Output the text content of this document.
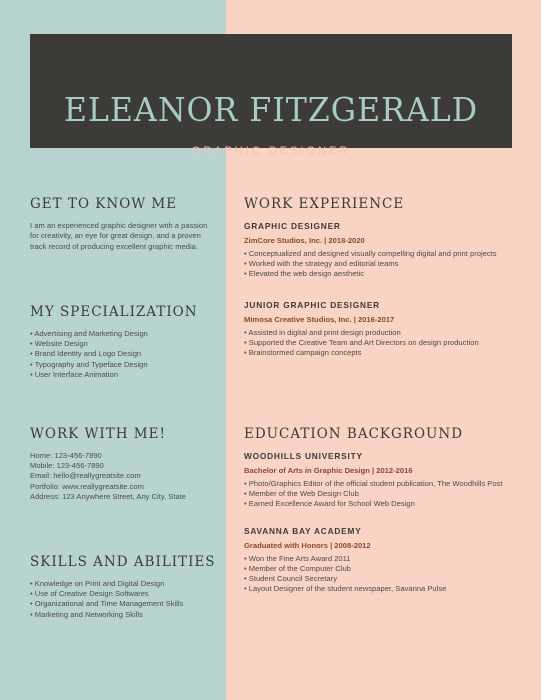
ELEANOR FITZGERALD
GRAPHIC DESIGNER
GET TO KNOW ME

I am an experienced graphic designer with a passion for creativity, an eye for great design, and a proven track record of producing excellent graphic media.

MY SPECIALIZATION
• Advertising and Marketing Design
• Website Design
• Brand Identity and Logo Design
• Typography and Typeface Design
• User Interface Animation
WORK WITH ME!
Home: 123-456-7890
Mobile: 123-456-7890
Email: hello@reallygreatsite.com
Portfolio: www.reallygreatsite.com
Address: 123 Anywhere Street, Any City, State
SKILLS AND ABILITIES
• Knowledge on Print and Digital Design
• Use of Creative Design Softwares
• Organizational and Time Management Skills
• Marketing and Networking Skills
WORK EXPERIENCE
GRAPHIC DESIGNER
ZimCore Studios, Inc. | 2018-2020
• Conceptualized and designed visually compelling digital and print projects
• Worked with the strategy and editorial teams
• Elevated the web design aesthetic
JUNIOR GRAPHIC DESIGNER
Mimosa Creative Studios, Inc. | 2016-2017
• Assisted in digital and print design production
• Supported the Creative Team and Art Directors on design production
• Brainstormed campaign concepts
EDUCATION BACKGROUND
WOODHILLS UNIVERSITY
Bachelor of Arts in Graphic Design | 2012-2016
• Photo/Graphics Editor of the official student publication, The Woodhills Post
• Member of the Web Design Club
• Earned Excellence Award for School Web Design
SAVANNA BAY ACADEMY
Graduated with Honors | 2008-2012
• Won the Fine Arts Award 2011
• Member of the Computer Club
• Student Council Secretary
• Layout Designer of the student newspaper, Savanna Pulse
